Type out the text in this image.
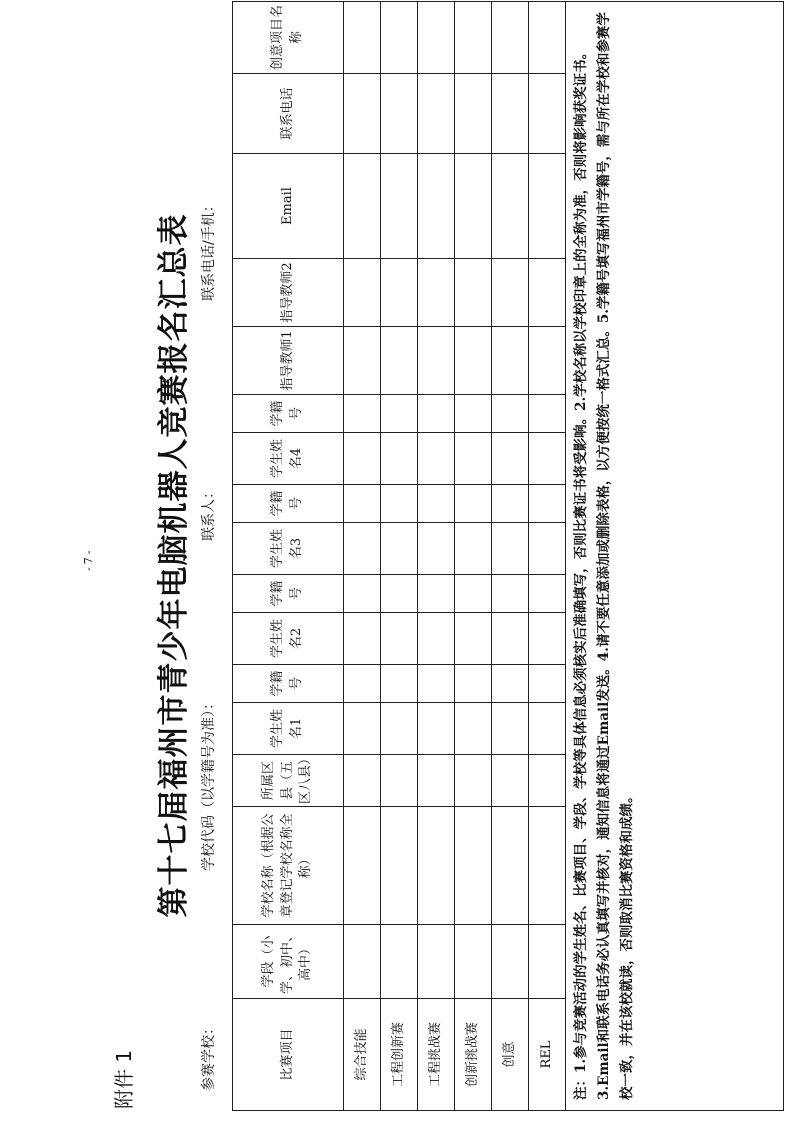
-7-
附件 1
第十七届福州市青少年电脑机器人竞赛报名汇总表
参赛学校：
学校代码（以学籍号为准）：
联系人：
联系电话/手机：
比赛项目	学段（小学、初中、高中）	学校名称（根据公章登记学校名称全称）	所属区县（五区八县）	学生姓名1	学籍号	学生姓名2	学籍号	学生姓名3	学籍号	学生姓名4	学籍号	指导教师1	指导教师2	Email	联系电话	创意项目名称
综合技能																
工程创新赛																
工程挑战赛																
创新挑战赛																
创意																
REL																
注：1.参与竞赛活动的学生姓名、比赛项目、学段、学校等具体信息必须核实后准确填写，否则比赛证书将受影响。2.学校名称以学校印章上的全称为准，否则将影响获奖证书。3.Email和联系电话务必认真填写并核对，通知信息将通过Email发送。4.请不要任意添加或删除表格，以方便按统一格式汇总。5.学籍号填写福州市学籍号，需与所在学校和参赛学校一致，并在该校就读，否则取消比赛资格和成绩。																
